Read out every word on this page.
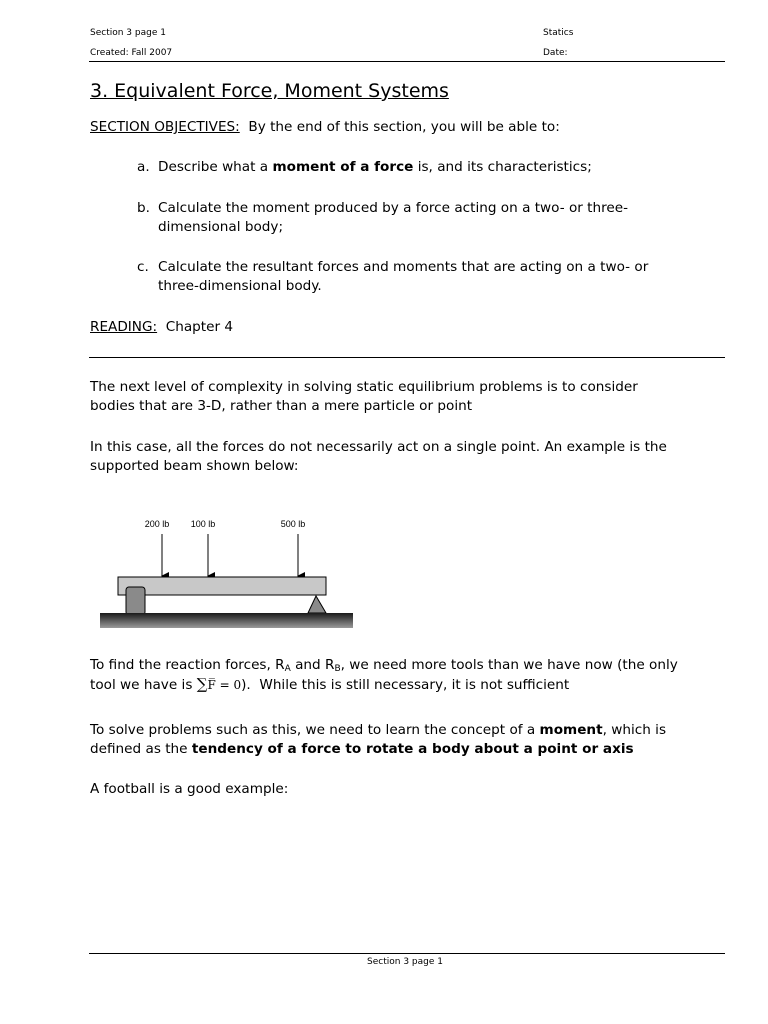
Section 3 page 1
Created: Fall 2007
Statics
Date:
3. Equivalent Force, Moment Systems
SECTION OBJECTIVES:  By the end of this section, you will be able to:
a. Describe what a moment of a force is, and its characteristics;
b. Calculate the moment produced by a force acting on a two- or three-
dimensional body;
c. Calculate the resultant forces and moments that are acting on a two- or
three-dimensional body.
READING:  Chapter 4
The next level of complexity in solving static equilibrium problems is to consider
bodies that are 3-D, rather than a mere particle or point
In this case, all the forces do not necessarily act on a single point. An example is the
supported beam shown below:
200 lb 100 lb	500 lb
To find the reaction forces, $R_A$ and $R_B$, we need more tools than we have now (the only
tool we have is ∑F̅ = 0).  While this is still necessary, it is not sufficient
To solve problems such as this, we need to learn the concept of a moment, which is
defined as the tendency of a force to rotate a body about a point or axis
A football is a good example:
Section 3 page 1
